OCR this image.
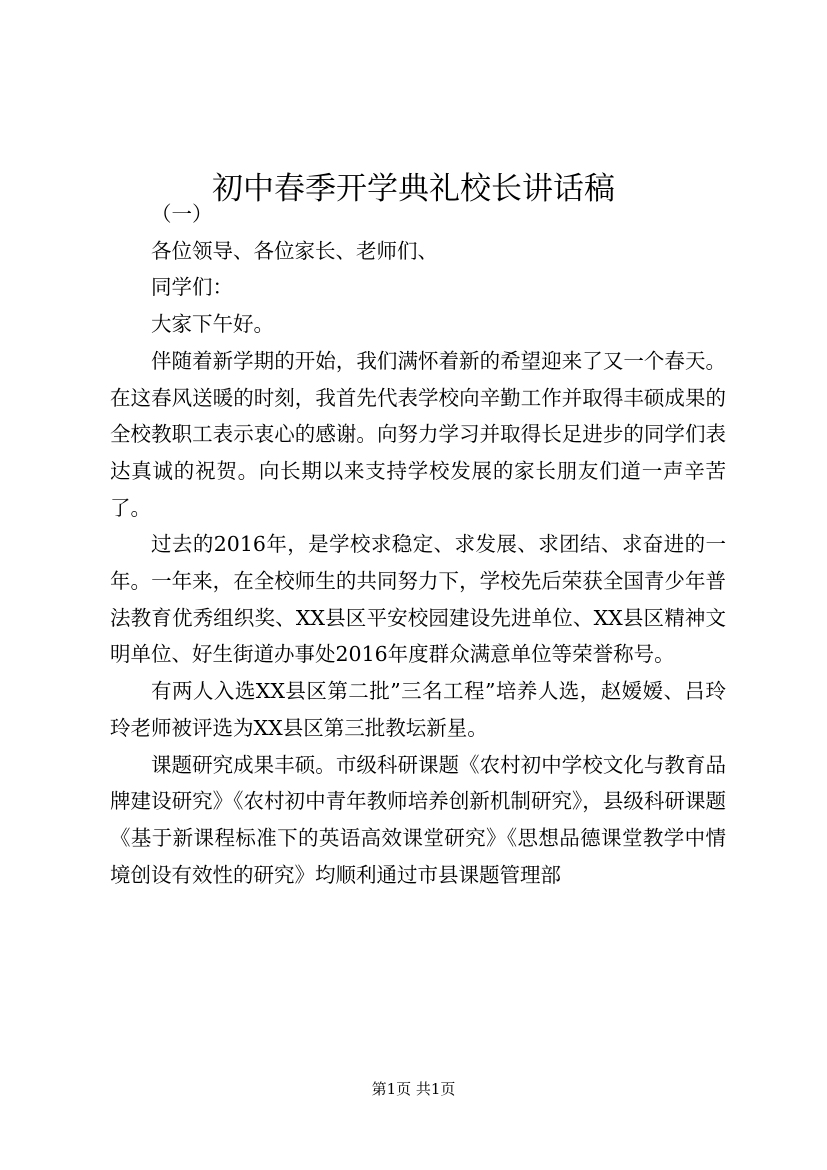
初中春季开学典礼校长讲话稿

（一）

各位领导、各位家长、老师们、

同学们：

大家下午好。

伴随着新学期的开始，我们满怀着新的希望迎来了又一个春天。在这春风送暖的时刻，我首先代表学校向辛勤工作并取得丰硕成果的全校教职工表示衷心的感谢。向努力学习并取得长足进步的同学们表达真诚的祝贺。向长期以来支持学校发展的家长朋友们道一声辛苦了。

过去的2016年，是学校求稳定、求发展、求团结、求奋进的一年。一年来，在全校师生的共同努力下，学校先后荣获全国青少年普法教育优秀组织奖、XX县区平安校园建设先进单位、XX县区精神文明单位、好生街道办事处2016年度群众满意单位等荣誉称号。

有两人入选XX县区第二批”三名工程”培养人选，赵嫒嫒、吕玲玲老师被评选为XX县区第三批教坛新星。

课题研究成果丰硕。市级科研课题《农村初中学校文化与教育品牌建设研究》《农村初中青年教师培养创新机制研究》，县级科研课题《基于新课程标准下的英语高效课堂研究》《思想品德课堂教学中情境创设有效性的研究》均顺利通过市县课题管理部

第1页 共1页
